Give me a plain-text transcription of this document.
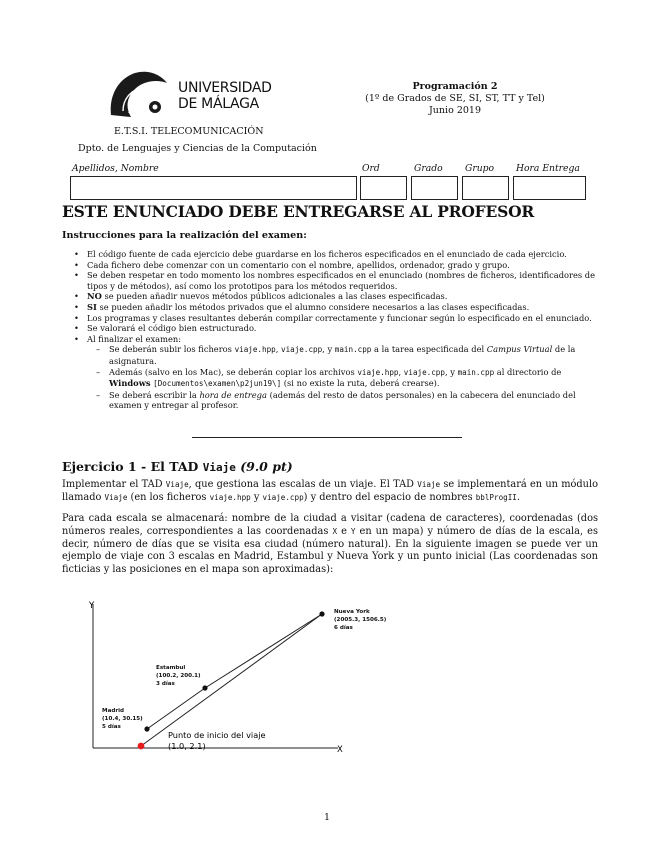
UNIVERSIDAD
DE MÁLAGA
E.T.S.I. TELECOMUNICACIÓN
Dpto. de Lenguajes y Ciencias de la Computación
Programación 2
(1º de Grados de SE, SI, ST, TT y Tel)
Junio 2019
Apellidos, Nombre	Ord	Grado Grupo Hora Entrega
ESTE ENUNCIADO DEBE ENTREGARSE AL PROFESOR
Instrucciones para la realización del examen:
• El código fuente de cada ejercicio debe guardarse en los ficheros especificados en el enunciado de cada ejercicio.
• Cada fichero debe comenzar con un comentario con el nombre, apellidos, ordenador, grado y grupo.
• Se deben respetar en todo momento los nombres especificados en el enunciado (nombres de ficheros, identificadores de tipos y de métodos), así como los prototipos para los métodos requeridos.
• NO se pueden añadir nuevos métodos públicos adicionales a las clases especificadas.
• SI se pueden añadir los métodos privados que el alumno considere necesarios a las clases especificadas.
• Los programas y clases resultantes deberán compilar correctamente y funcionar según lo especificado en el enunciado.
• Se valorará el código bien estructurado.
• Al finalizar el examen:
– Se deberán subir los ficheros viaje.hpp, viaje.cpp, y main.cpp a la tarea especificada del Campus Virtual de la asignatura.
– Además (salvo en los Mac), se deberán copiar los archivos viaje.hpp, viaje.cpp, y main.cpp al directorio de Windows [Documentos\examen\p2jun19\] (si no existe la ruta, deberá crearse).
– Se deberá escribir la hora de entrega (además del resto de datos personales) en la cabecera del enunciado del examen y entregar al profesor.
Ejercicio 1 - El TAD Viaje (9.0 pt)
Implementar el TAD Viaje, que gestiona las escalas de un viaje. El TAD Viaje se implementará en un módulo llamado Viaje (en los ficheros viaje.hpp y viaje.cpp) y dentro del espacio de nombres bblProgII.
Para cada escala se almacenará: nombre de la ciudad a visitar (cadena de caracteres), coordenadas (dos números reales, correspondientes a las coordenadas X e Y en un mapa) y número de días de la escala, es decir, número de días que se visita esa ciudad (número natural). En la siguiente imagen se puede ver un ejemplo de viaje con 3 escalas en Madrid, Estambul y Nueva York y un punto inicial (Las coordenadas son ficticias y las posiciones en el mapa son aproximadas):
Y
X
Nueva York
(2005.3, 1506.5)
6 días
Estambul
(100.2, 200.1)
3 días
Madrid
(10.4, 30.15)
5 días
Punto de inicio del viaje
(1.0, 2.1)
1
